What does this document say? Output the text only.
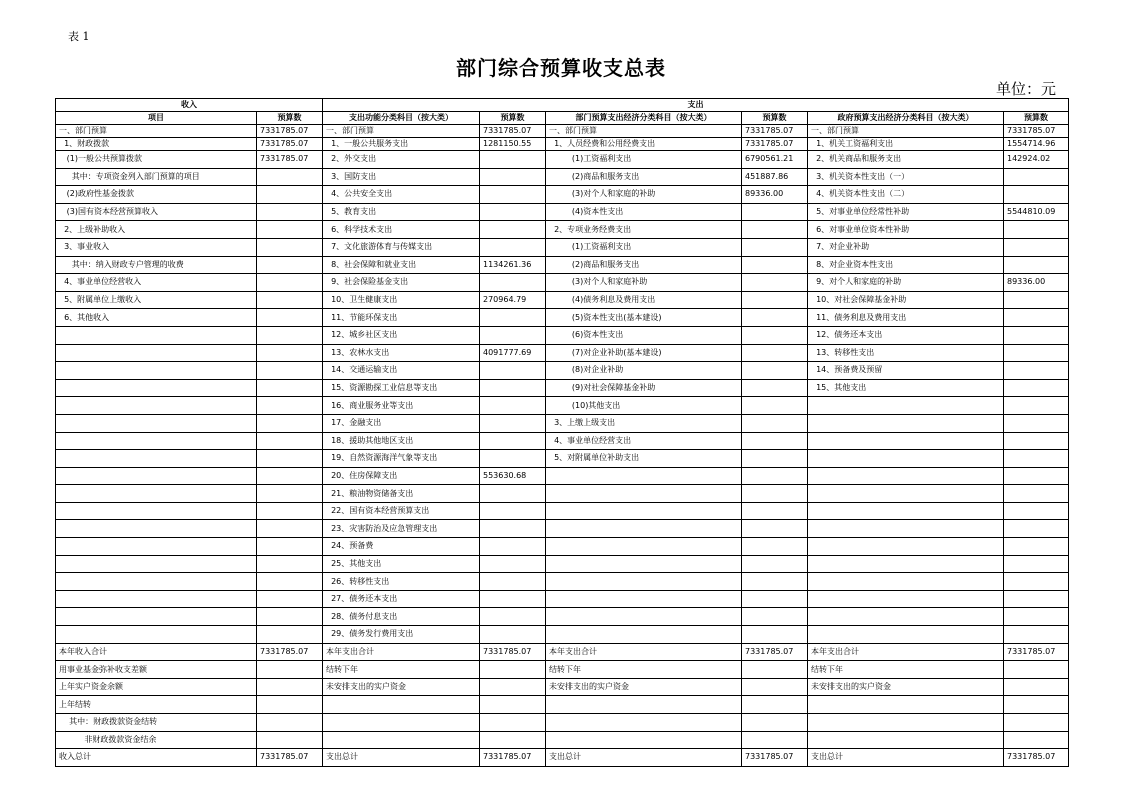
表 1
部门综合预算收支总表
单位：元
收入		支出					
项目	预算数	支出功能分类科目（按大类）	预算数	部门预算支出经济分类科目（按大类）	预算数	政府预算支出经济分类科目（按大类）	预算数
一、部门预算	7331785.07	一、部门预算	7331785.07	一、部门预算	7331785.07	一、部门预算	7331785.07
1、财政拨款	7331785.07	1、一般公共服务支出	1281150.55	1、人员经费和公用经费支出	7331785.07	1、机关工资福利支出	1554714.96
(1)一般公共预算拨款	7331785.07	2、外交支出		(1)工资福利支出	6790561.21	2、机关商品和服务支出	142924.02
其中：专项资金列入部门预算的项目		3、国防支出		(2)商品和服务支出	451887.86	3、机关资本性支出（一）	
(2)政府性基金拨款		4、公共安全支出		(3)对个人和家庭的补助	89336.00	4、机关资本性支出（二）	
(3)国有资本经营预算收入		5、教育支出		(4)资本性支出		5、对事业单位经常性补助	5544810.09
2、上级补助收入		6、科学技术支出		2、专项业务经费支出		6、对事业单位资本性补助	
3、事业收入		7、文化旅游体育与传媒支出		(1)工资福利支出		7、对企业补助	
其中：纳入财政专户管理的收费		8、社会保障和就业支出	1134261.36	(2)商品和服务支出		8、对企业资本性支出	
4、事业单位经营收入		9、社会保险基金支出		(3)对个人和家庭补助		9、对个人和家庭的补助	89336.00
5、附属单位上缴收入		10、卫生健康支出	270964.79	(4)债务利息及费用支出		10、对社会保障基金补助	
6、其他收入		11、节能环保支出		(5)资本性支出(基本建设)		11、债务利息及费用支出	
		12、城乡社区支出		(6)资本性支出		12、债务还本支出	
		13、农林水支出	4091777.69	(7)对企业补助(基本建设)		13、转移性支出	
		14、交通运输支出		(8)对企业补助		14、预备费及预留	
		15、资源勘探工业信息等支出		(9)对社会保障基金补助		15、其他支出	
		16、商业服务业等支出		(10)其他支出			
		17、金融支出		3、上缴上级支出			
		18、援助其他地区支出		4、事业单位经营支出			
		19、自然资源海洋气象等支出		5、对附属单位补助支出			
		20、住房保障支出	553630.68				
		21、粮油物资储备支出					
		22、国有资本经营预算支出					
		23、灾害防治及应急管理支出					
		24、预备费					
		25、其他支出					
		26、转移性支出					
		27、债务还本支出					
		28、债务付息支出					
		29、债务发行费用支出					
本年收入合计	7331785.07	本年支出合计	7331785.07	本年支出合计	7331785.07	本年支出合计	7331785.07
用事业基金弥补收支差额		结转下年		结转下年		结转下年	
上年实户资金余额		未安排支出的实户资金		未安排支出的实户资金		未安排支出的实户资金	
上年结转							
其中：财政拨款资金结转							
非财政拨款资金结余							
收入总计	7331785.07	支出总计	7331785.07	支出总计	7331785.07	支出总计	7331785.07
